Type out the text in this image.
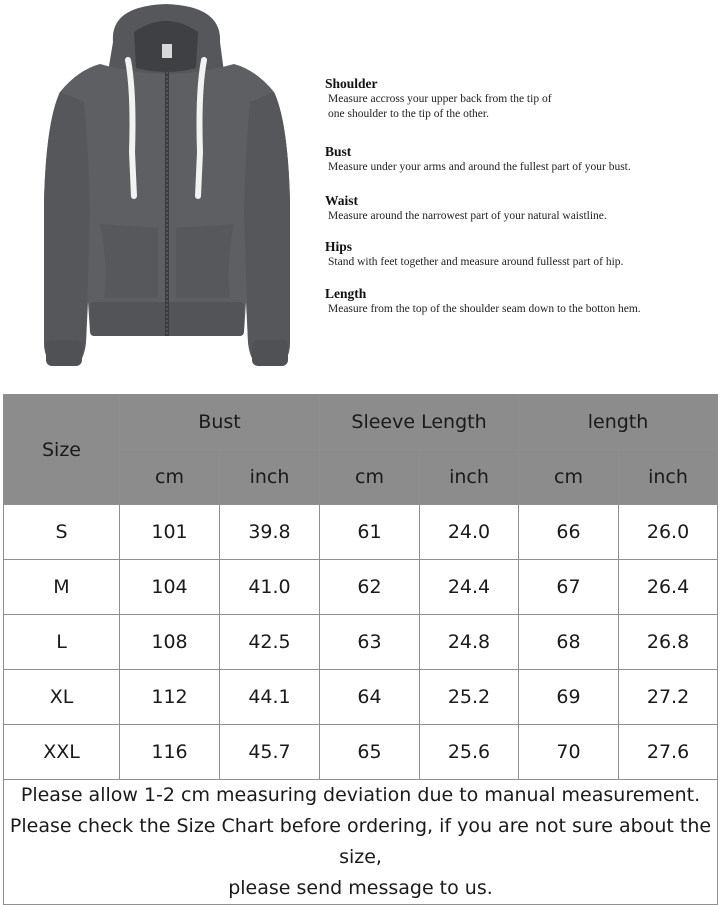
Shoulder
Measure accross your upper back from the tip of
one shoulder to the tip of the other.
Bust
Measure under your arms and around the fullest part of your bust.
Waist
Measure around the narrowest part of your natural waistline.
Hips
Stand with feet together and measure around fullesst part of hip.
Length
Measure from the top of the shoulder seam down to the botton hem.
Size	Bust		Sleeve Length		length	
	cm	inch	cm	inch	cm	inch
S	101	39.8	61	24.0	66	26.0
M	104	41.0	62	24.4	67	26.4
L	108	42.5	63	24.8	68	26.8
XL	112	44.1	64	25.2	69	27.2
XXL	116	45.7	65	25.6	70	27.6

Please allow 1-2 cm measuring deviation due to manual measurement.
Please check the Size Chart before ordering, if you are not sure about the size,
please send message to us.						
